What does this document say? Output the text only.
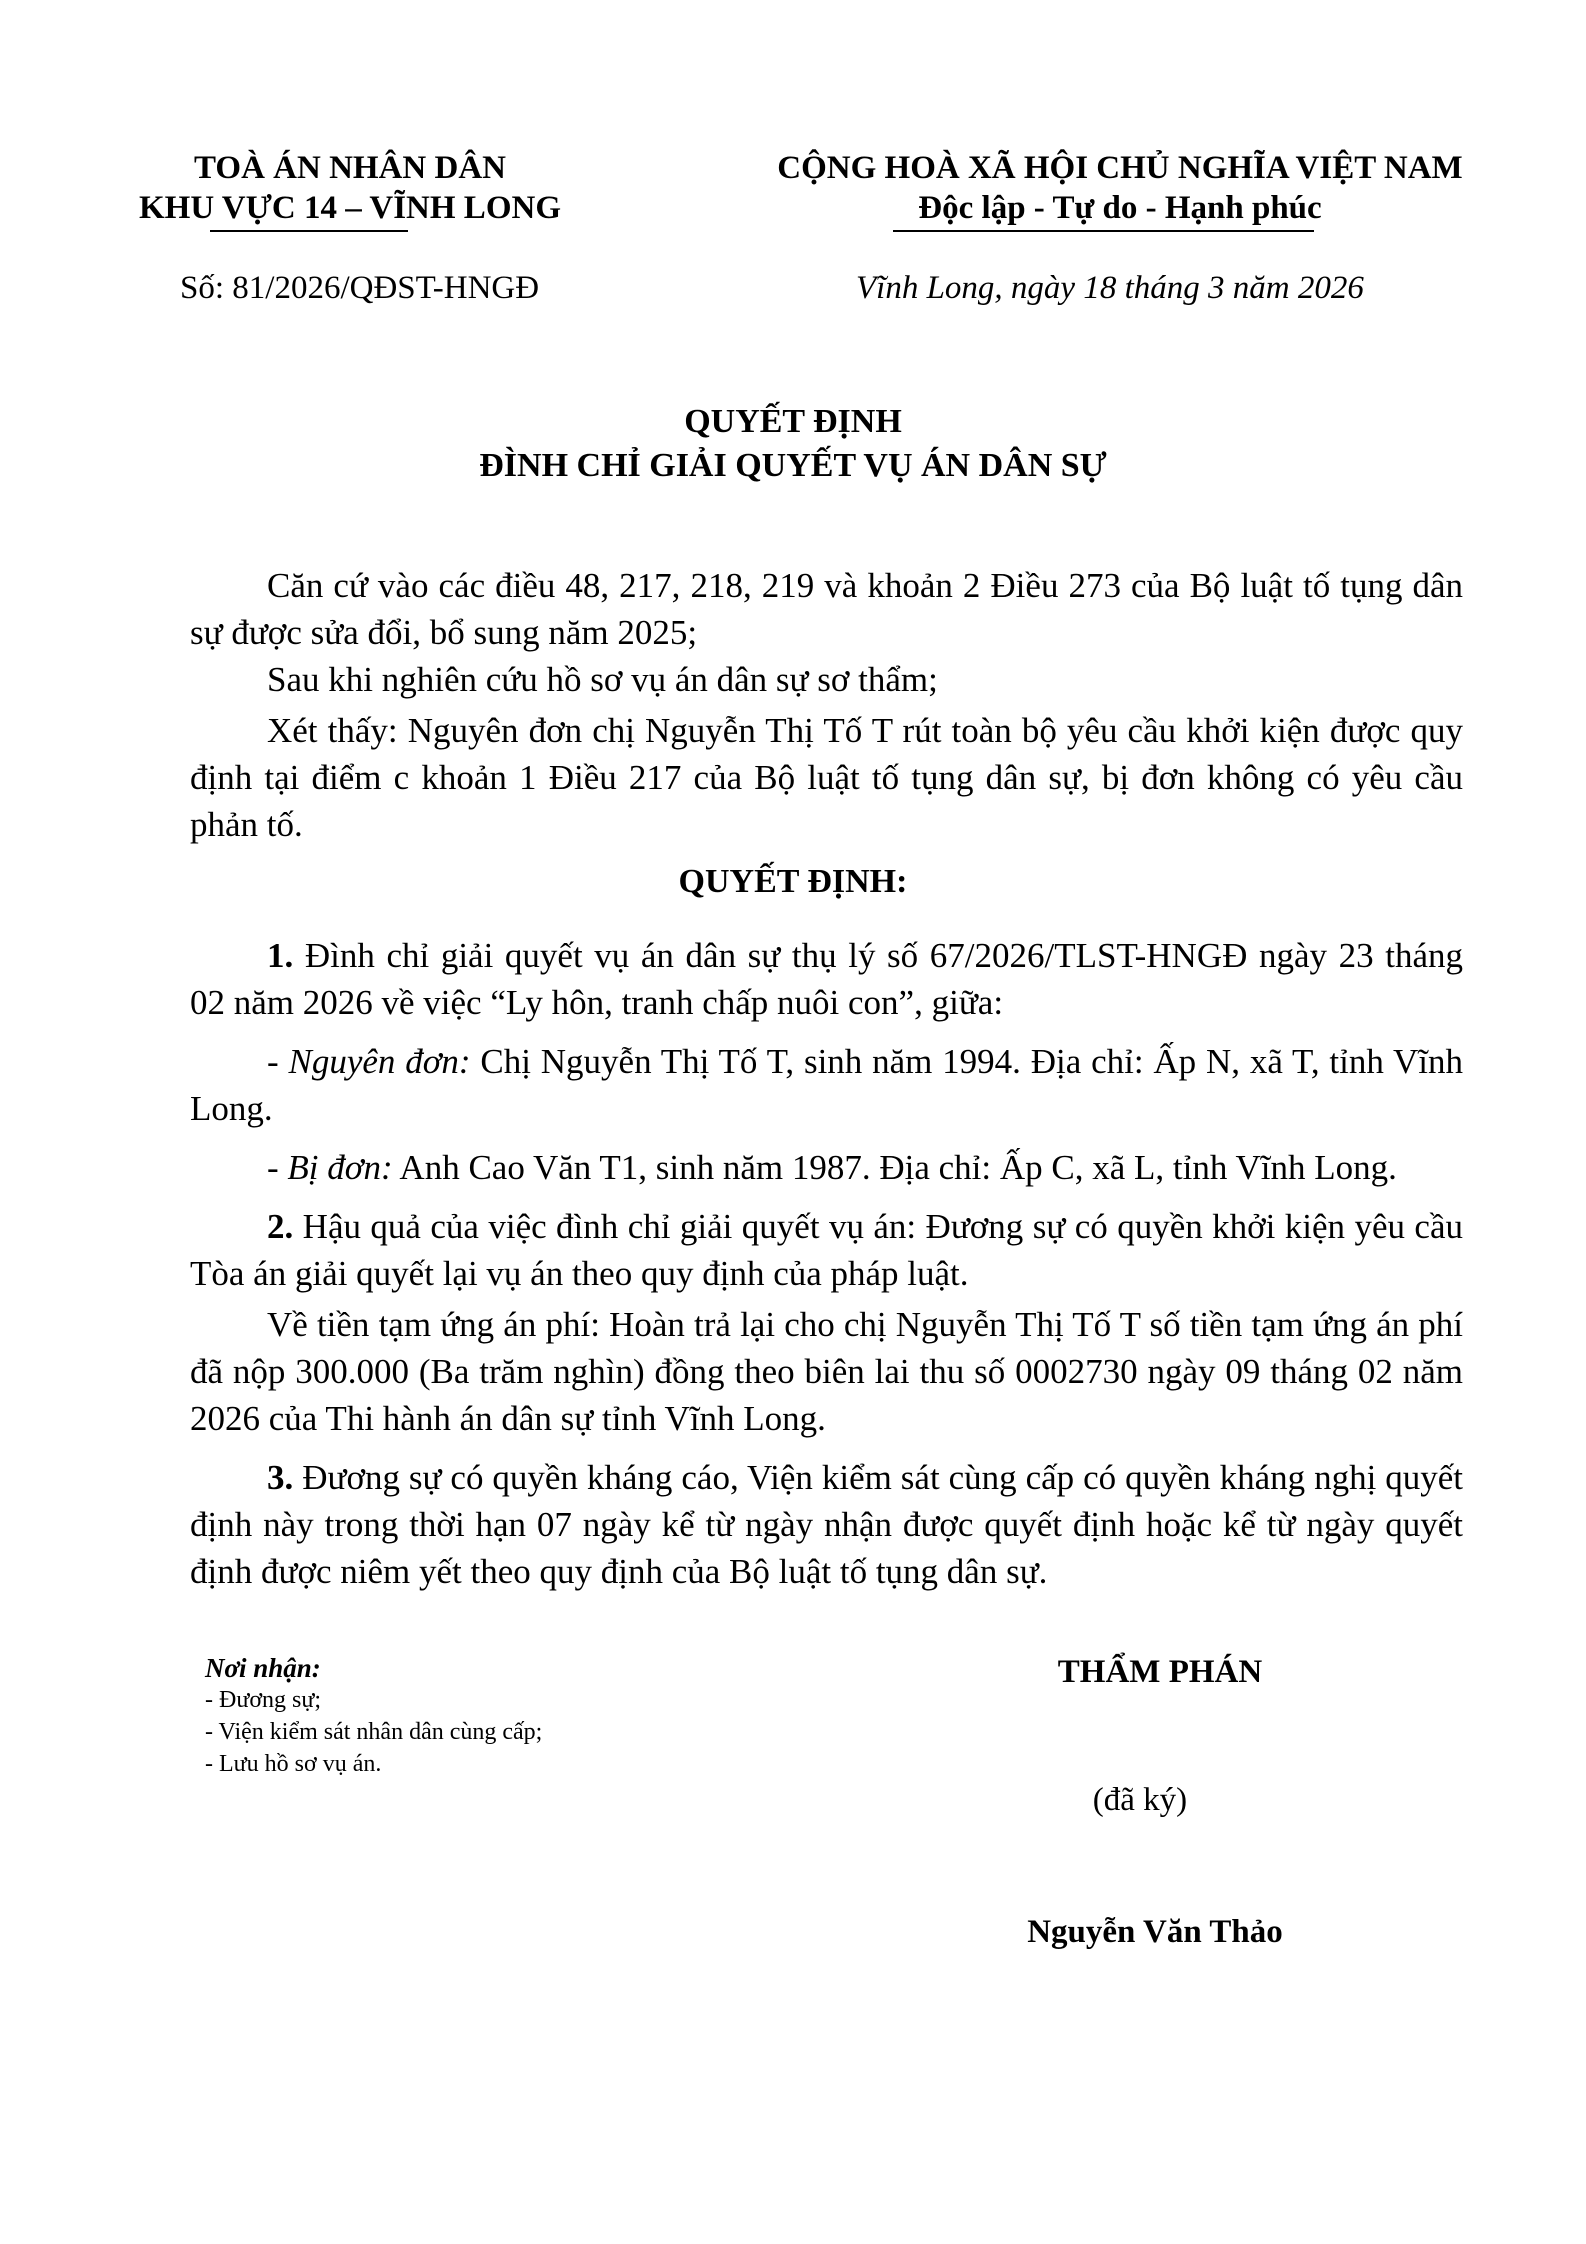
TOÀ ÁN NHÂN DÂN
KHU VỰC 14 – VĨNH LONG
CỘNG HOÀ XÃ HỘI CHỦ NGHĨA VIỆT NAM
Độc lập - Tự do - Hạnh phúc
Số: 81/2026/QĐST-HNGĐ	Vĩnh Long, ngày 18 tháng 3 năm 2026
QUYẾT ĐỊNH
ĐÌNH CHỈ GIẢI QUYẾT VỤ ÁN DÂN SỰ

Căn cứ vào các điều 48, 217, 218, 219 và khoản 2 Điều 273 của Bộ luật tố tụng dân sự được sửa đổi, bổ sung năm 2025;

Sau khi nghiên cứu hồ sơ vụ án dân sự sơ thẩm;

Xét thấy: Nguyên đơn chị Nguyễn Thị Tố T rút toàn bộ yêu cầu khởi kiện được quy định tại điểm c khoản 1 Điều 217 của Bộ luật tố tụng dân sự, bị đơn không có yêu cầu phản tố.

QUYẾT ĐỊNH:

1. Đình chỉ giải quyết vụ án dân sự thụ lý số 67/2026/TLST-HNGĐ ngày 23 tháng 02 năm 2026 về việc “Ly hôn, tranh chấp nuôi con”, giữa:

- Nguyên đơn: Chị Nguyễn Thị Tố T, sinh năm 1994. Địa chỉ: Ấp N, xã T, tỉnh Vĩnh Long.

- Bị đơn: Anh Cao Văn T1, sinh năm 1987. Địa chỉ: Ấp C, xã L, tỉnh Vĩnh Long.

2. Hậu quả của việc đình chỉ giải quyết vụ án: Đương sự có quyền khởi kiện yêu cầu Tòa án giải quyết lại vụ án theo quy định của pháp luật.

Về tiền tạm ứng án phí: Hoàn trả lại cho chị Nguyễn Thị Tố T số tiền tạm ứng án phí đã nộp 300.000 (Ba trăm nghìn) đồng theo biên lai thu số 0002730 ngày 09 tháng 02 năm 2026 của Thi hành án dân sự tỉnh Vĩnh Long.

3. Đương sự có quyền kháng cáo, Viện kiểm sát cùng cấp có quyền kháng nghị quyết định này trong thời hạn 07 ngày kể từ ngày nhận được quyết định hoặc kể từ ngày quyết định được niêm yết theo quy định của Bộ luật tố tụng dân sự.

Nơi nhận:
- Đương sự;
- Viện kiểm sát nhân dân cùng cấp;
- Lưu hồ sơ vụ án.
THẨM PHÁN
(đã ký)
Nguyễn Văn Thảo
